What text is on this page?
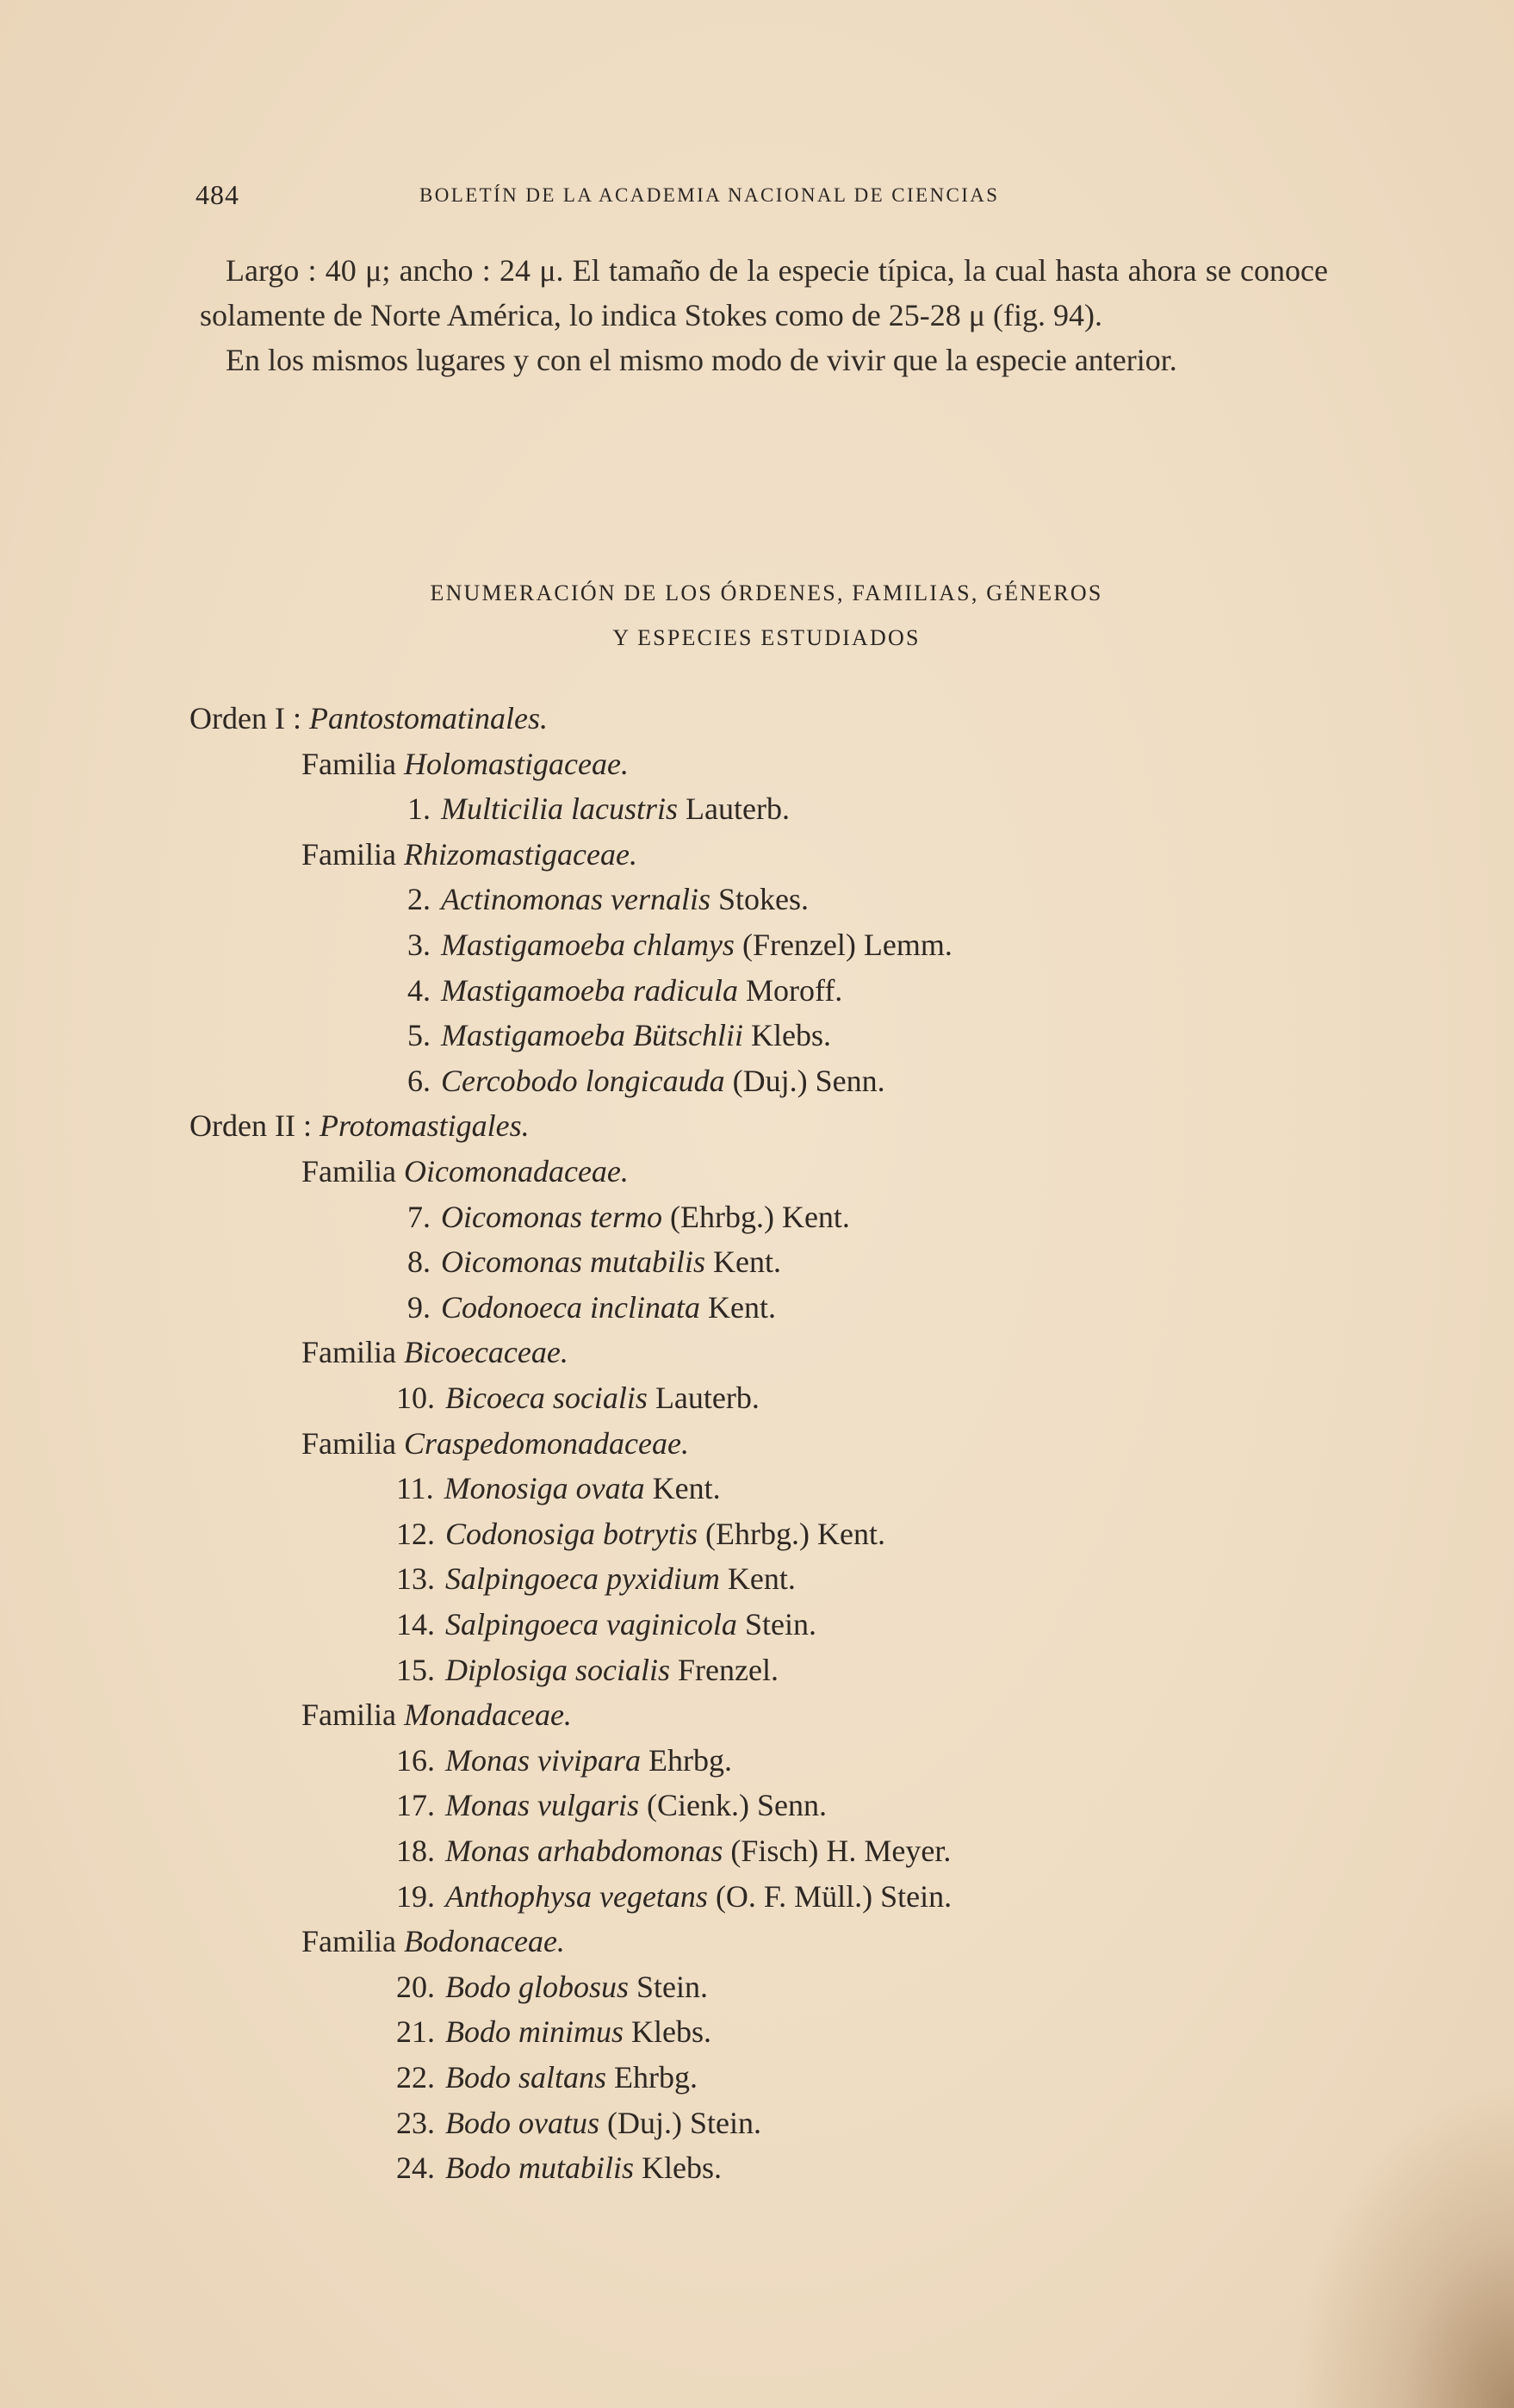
484	BOLETÍN DE LA ACADEMIA NACIONAL DE CIENCIAS

Largo : 40 μ; ancho : 24 μ. El tamaño de la especie típica, la cual hasta ahora se conoce solamente de Norte América, lo indica Stokes como de 25-28 μ (fig. 94).

En los mismos lugares y con el mismo modo de vivir que la especie anterior.

ENUMERACIÓN DE LOS ÓRDENES, FAMILIAS, GÉNEROS
Y ESPECIES ESTUDIADOS
Orden I : Pantostomatinales.
Familia Holomastigaceae.
1. Multicilia lacustris Lauterb.
Familia Rhizomastigaceae.
2. Actinomonas vernalis Stokes.
3. Mastigamoeba chlamys (Frenzel) Lemm.
4. Mastigamoeba radicula Moroff.
5. Mastigamoeba Bütschlii Klebs.
6. Cercobodo longicauda (Duj.) Senn.
Orden II : Protomastigales.
Familia Oicomonadaceae.
7. Oicomonas termo (Ehrbg.) Kent.
8. Oicomonas mutabilis Kent.
9. Codonoeca inclinata Kent.
Familia Bicoecaceae.
10. Bicoeca socialis Lauterb.
Familia Craspedomonadaceae.
11. Monosiga ovata Kent.
12. Codonosiga botrytis (Ehrbg.) Kent.
13. Salpingoeca pyxidium Kent.
14. Salpingoeca vaginicola Stein.
15. Diplosiga socialis Frenzel.
Familia Monadaceae.
16. Monas vivipara Ehrbg.
17. Monas vulgaris (Cienk.) Senn.
18. Monas arhabdomonas (Fisch) H. Meyer.
19. Anthophysa vegetans (O. F. Müll.) Stein.
Familia Bodonaceae.
20. Bodo globosus Stein.
21. Bodo minimus Klebs.
22. Bodo saltans Ehrbg.
23. Bodo ovatus (Duj.) Stein.
24. Bodo mutabilis Klebs.
